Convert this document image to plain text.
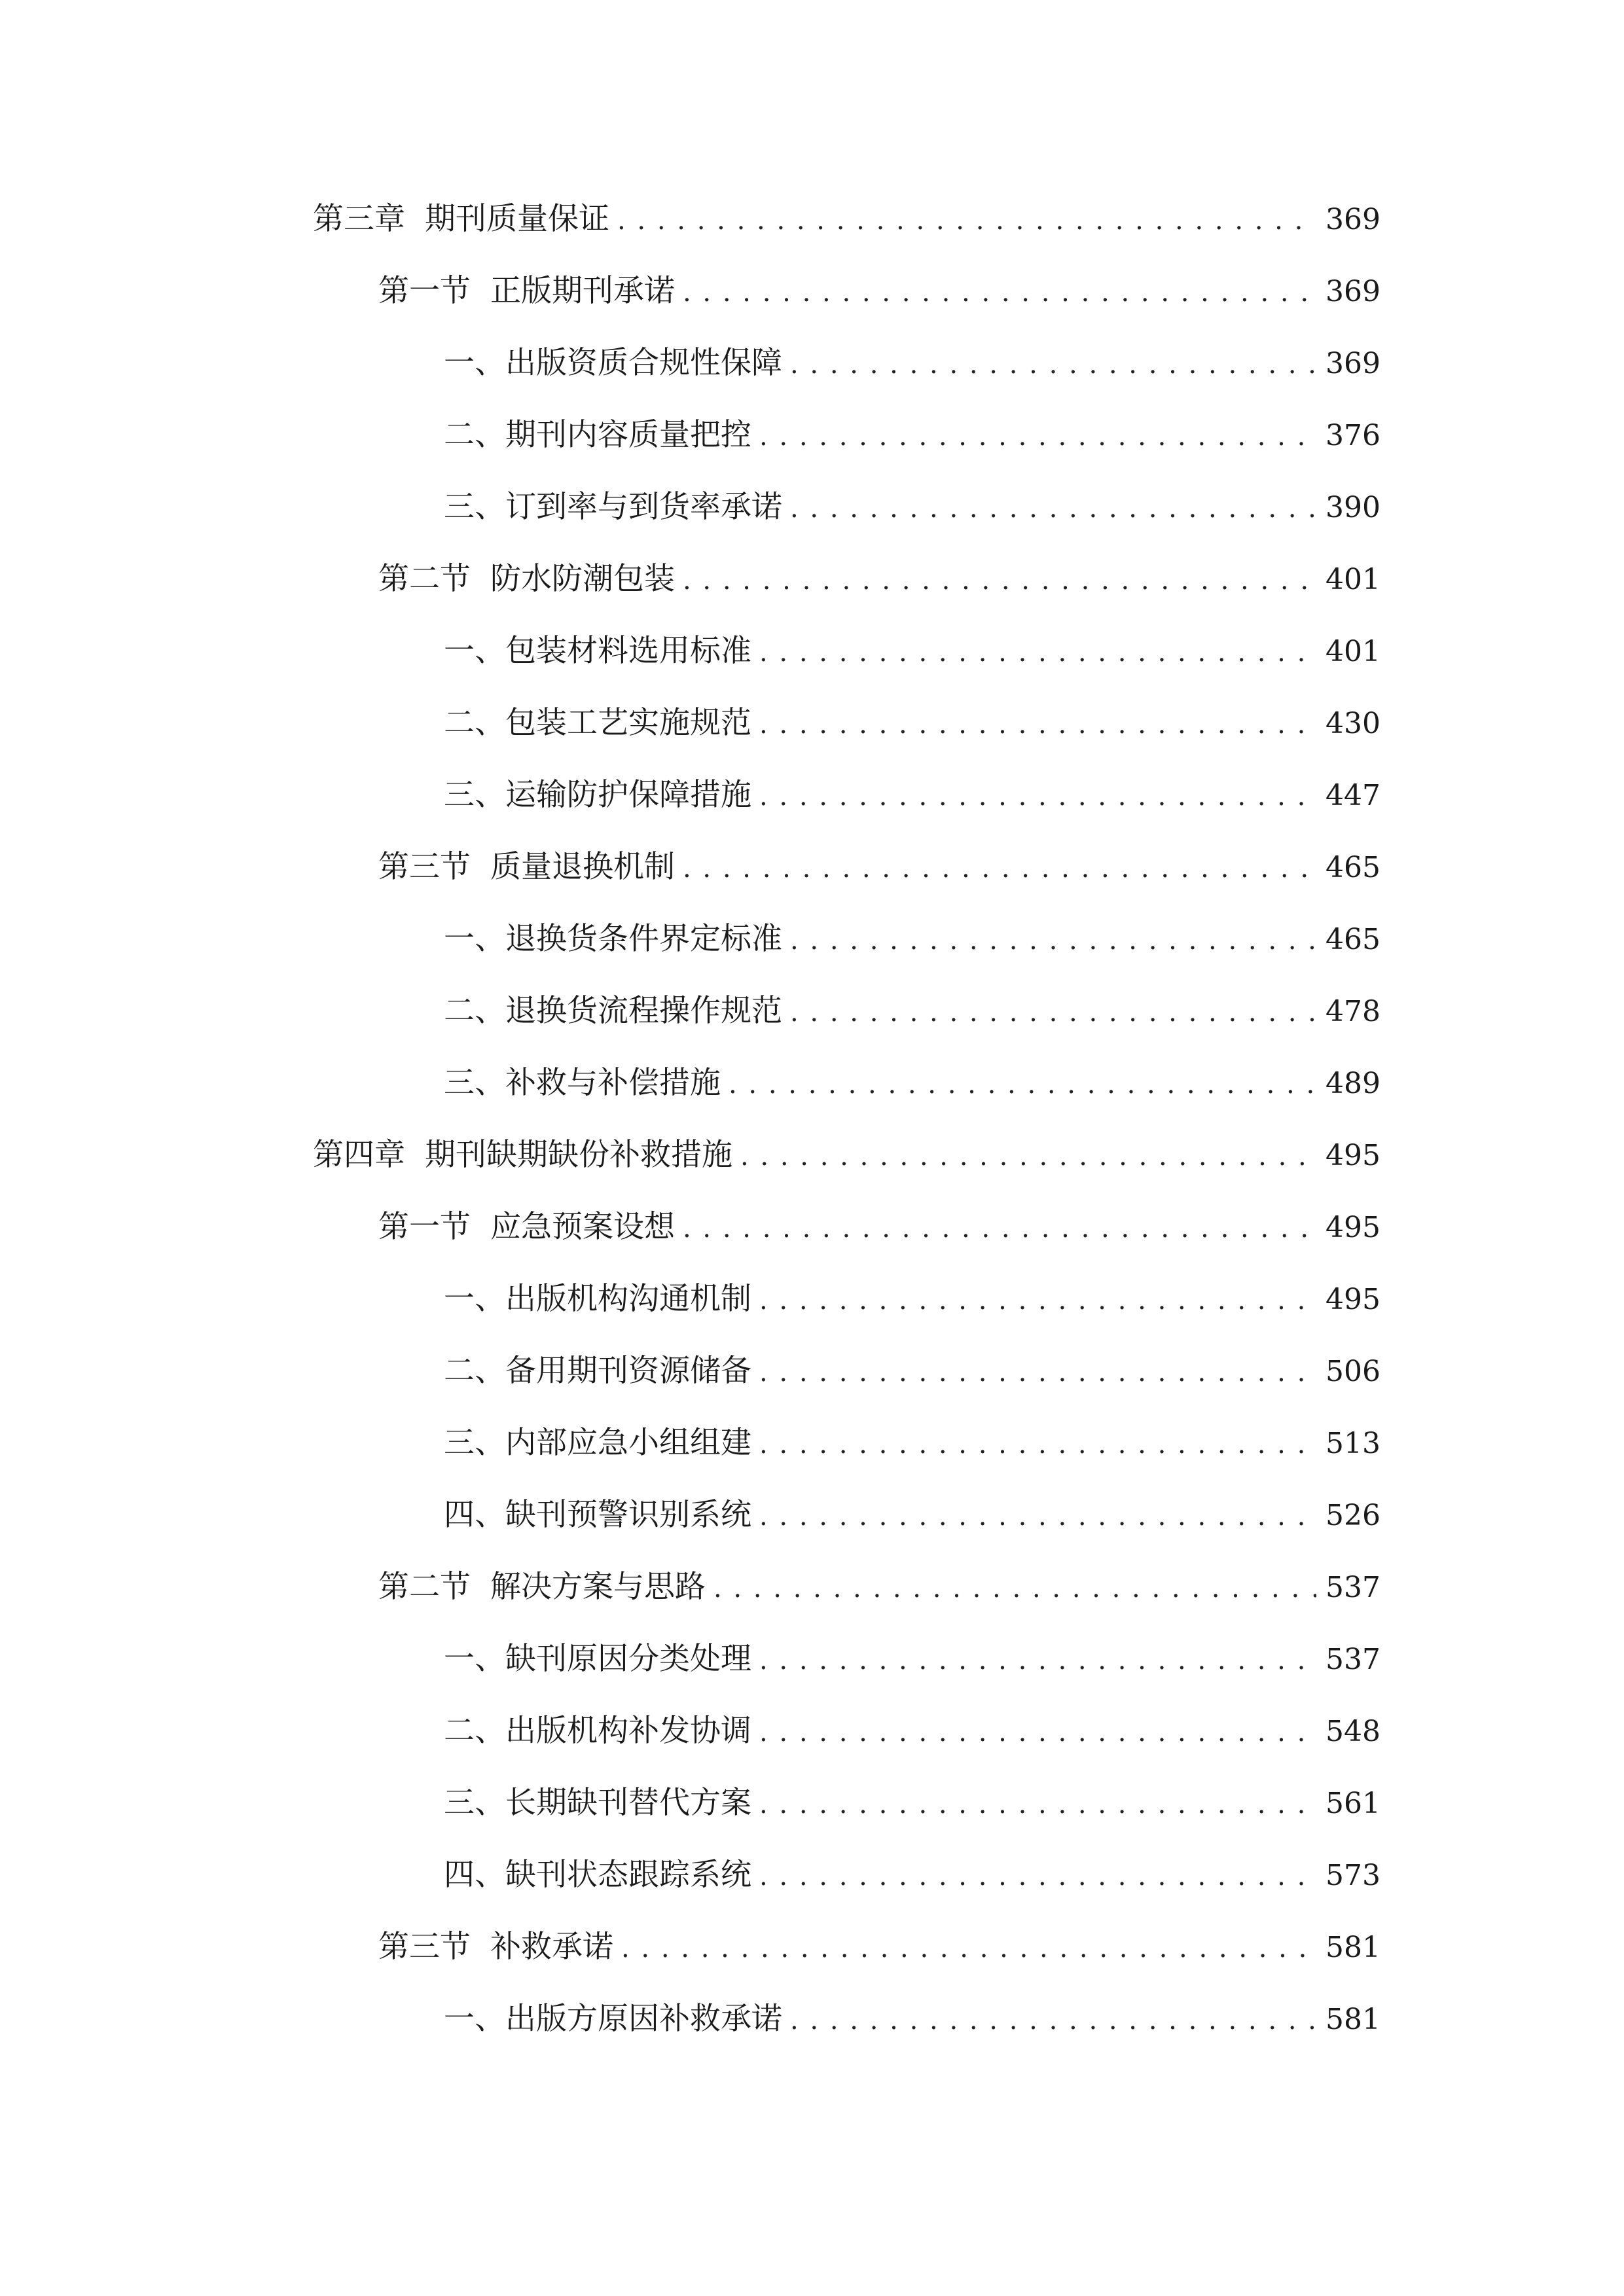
第三章 期刊质量保证 . . .	369
第一节 正版期刊承诺 . . .	369
一、 出版资质合规性保障 . . .	369
二、 期刊内容质量把控 . . .	376
三、 订到率与到货率承诺 . . .	390
第二节 防水防潮包装 . . .	401
一、 包装材料选用标准 . . .	401
二、 包装工艺实施规范 . . .	430
三、 运输防护保障措施 . . .	447
第三节 质量退换机制 . . .	465
一、 退换货条件界定标准 . . .	465
二、 退换货流程操作规范 . . .	478
三、 补救与补偿措施 . . .	489
第四章 期刊缺期缺份补救措施 . . .	495
第一节 应急预案设想 . . .	495
一、 出版机构沟通机制 . . .	495
二、 备用期刊资源储备 . . .	506
三、 内部应急小组组建 . . .	513
四、 缺刊预警识别系统 . . .	526
第二节 解决方案与思路 . . .	537
一、 缺刊原因分类处理 . . .	537
二、 出版机构补发协调 . . .	548
三、 长期缺刊替代方案 . . .	561
四、 缺刊状态跟踪系统 . . .	573
第三节 补救承诺 . . .	581
一、 出版方原因补救承诺 . . .	581
